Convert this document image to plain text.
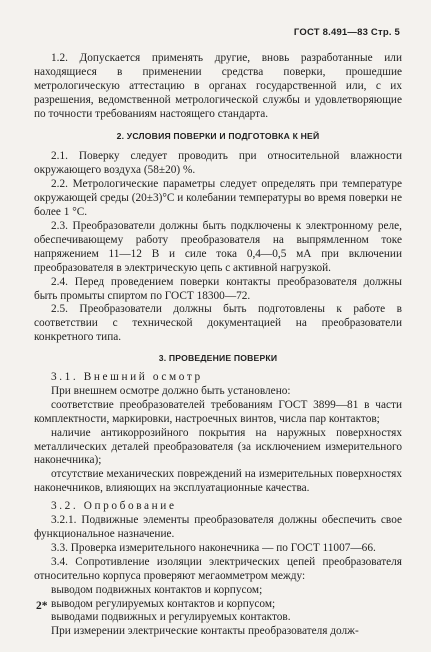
ГОСТ 8.491—83 Стр. 5

1.2. Допускается применять другие, вновь разработанные или находящиеся в применении средства поверки, прошедшие метрологическую аттестацию в органах государственной или, с их разрешения, ведомственной метрологической службы и удовлетворяющие по точности требованиям настоящего стандарта.

2. УСЛОВИЯ ПОВЕРКИ И ПОДГОТОВКА К НЕЙ

2.1. Поверку следует проводить при относительной влажности окружающего воздуха (58±20) %.

2.2. Метрологические параметры следует определять при температуре окружающей среды (20±3)°С и колебании температуры во время поверки не более 1 °С.

2.3. Преобразователи должны быть подключены к электронному реле, обеспечивающему работу преобразователя на выпрямленном токе напряжением 11—12 В и силе тока 0,4—0,5 мА при включении преобразователя в электрическую цепь с активной нагрузкой.

2.4. Перед проведением поверки контакты преобразователя должны быть промыты спиртом по ГОСТ 18300—72.

2.5. Преобразователи должны быть подготовлены к работе в соответствии с технической документацией на преобразователи конкретного типа.

3. ПРОВЕДЕНИЕ ПОВЕРКИ

3.1. Внешний осмотр

При внешнем осмотре должно быть установлено:

соответствие преобразователей требованиям ГОСТ 3899—81 в части комплектности, маркировки, настроечных винтов, числа пар контактов;

наличие антикоррозийного покрытия на наружных поверхностях металлических деталей преобразователя (за исключением измерительного наконечника);

отсутствие механических повреждений на измерительных поверхностях наконечников, влияющих на эксплуатационные качества.

3.2. Опробование

3.2.1. Подвижные элементы преобразователя должны обеспечить свое функциональное назначение.

3.3. Проверка измерительного наконечника — по ГОСТ 11007—66.

3.4. Сопротивление изоляции электрических цепей преобразователя относительно корпуса проверяют мегаомметром между:

выводом подвижных контактов и корпусом;

выводом регулируемых контактов и корпусом;

выводами подвижных и регулируемых контактов.

При измерении электрические контакты преобразователя долж-

2*
